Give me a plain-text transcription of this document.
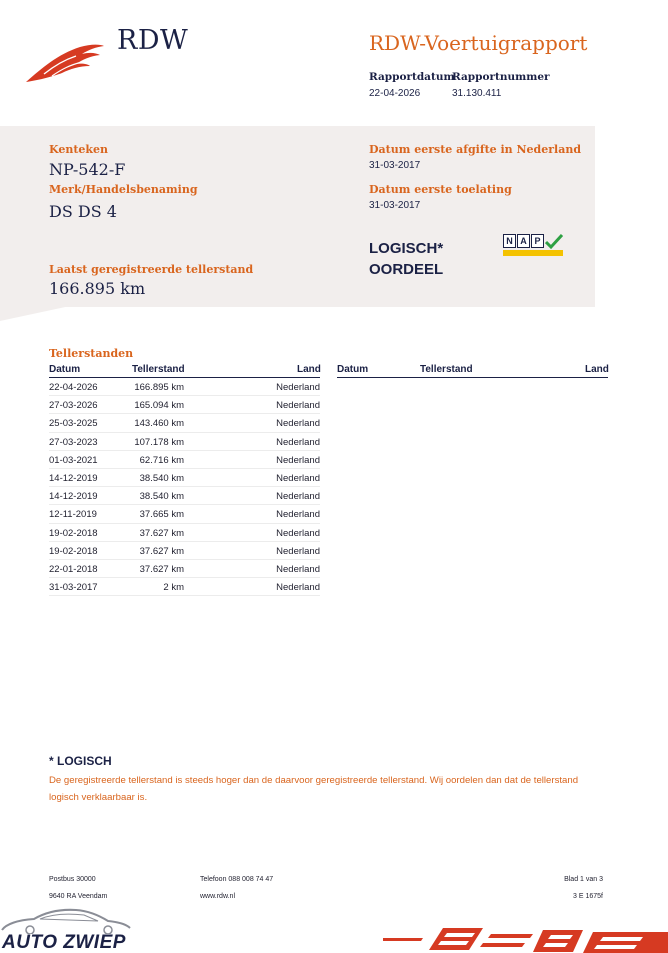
RDW	RDW-Voertuigrapport
Rapportdatum
22-04-2026
Rapportnummer
31.130.411
Kenteken
NP-542-F
Merk/Handelsbenaming
DS DS 4
Laatst geregistreerde tellerstand
166.895 km
Datum eerste afgifte in Nederland
31-03-2017
Datum eerste toelating
31-03-2017
LOGISCH*
OORDEEL
N A P
Tellerstanden
Datum	Tellerstand	Land Datum	Tellerstand	Land
22-04-2026	166.895 km	Nederland
27-03-2026	165.094 km	Nederland
25-03-2025	143.460 km	Nederland
27-03-2023	107.178 km	Nederland
01-03-2021	62.716 km	Nederland
14-12-2019	38.540 km	Nederland
14-12-2019	38.540 km	Nederland
12-11-2019	37.665 km	Nederland
19-02-2018	37.627 km	Nederland
19-02-2018	37.627 km	Nederland
22-01-2018	37.627 km	Nederland
31-03-2017	2 km	Nederland
* LOGISCH
De geregistreerde tellerstand is steeds hoger dan de daarvoor geregistreerde tellerstand. Wij oordelen dan dat de tellerstand logisch verklaarbaar is.
Postbus 30000
9640 RA Veendam
Telefoon 088 008 74 47
www.rdw.nl
Blad 1 van 3
3 E 1675f
AUTO ZWIEP
